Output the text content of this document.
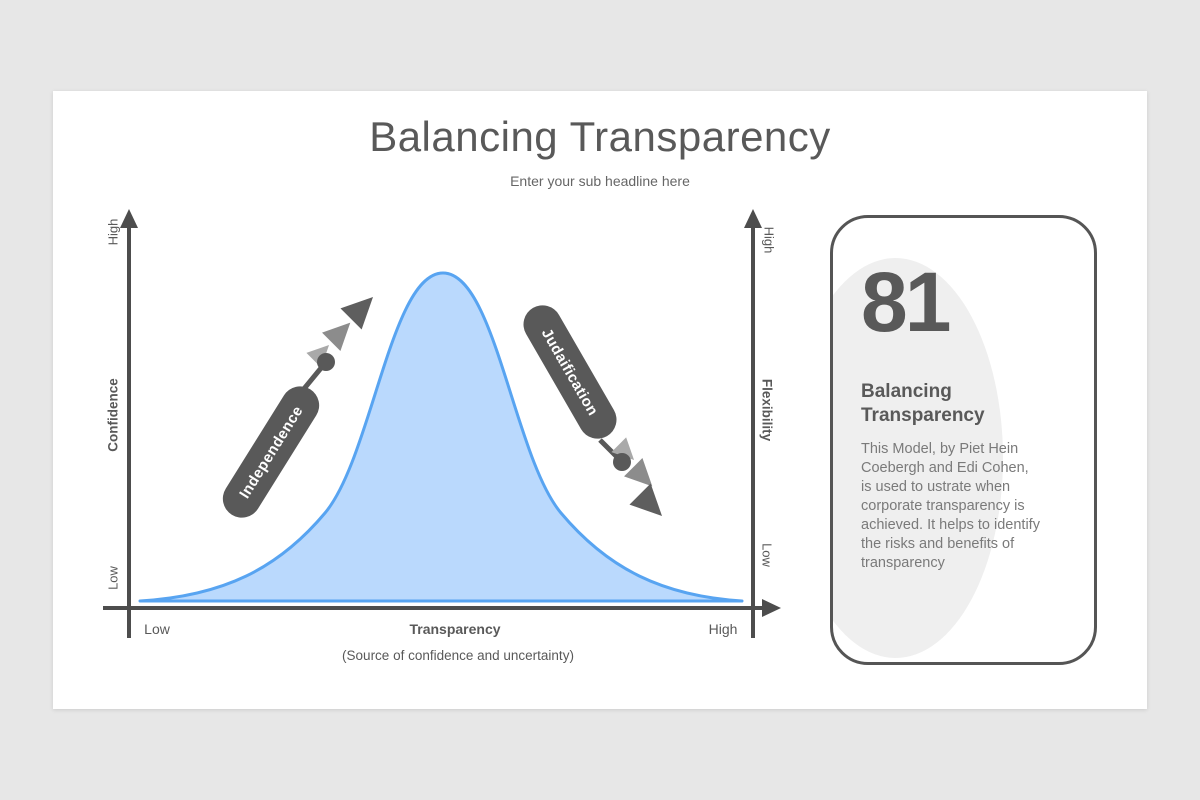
Balancing Transparency
Enter your sub headline here
Independence
Judaification
High
Confidence
Low
High
Flexibility
Low
Low	Transparency	High
(Source of confidence and uncertainty)
81
Balancing Transparency
This Model, by Piet Hein Coebergh and Edi Cohen, is used to ustrate when corporate transparency is achieved. It helps to identify the risks and benefits of transparency
